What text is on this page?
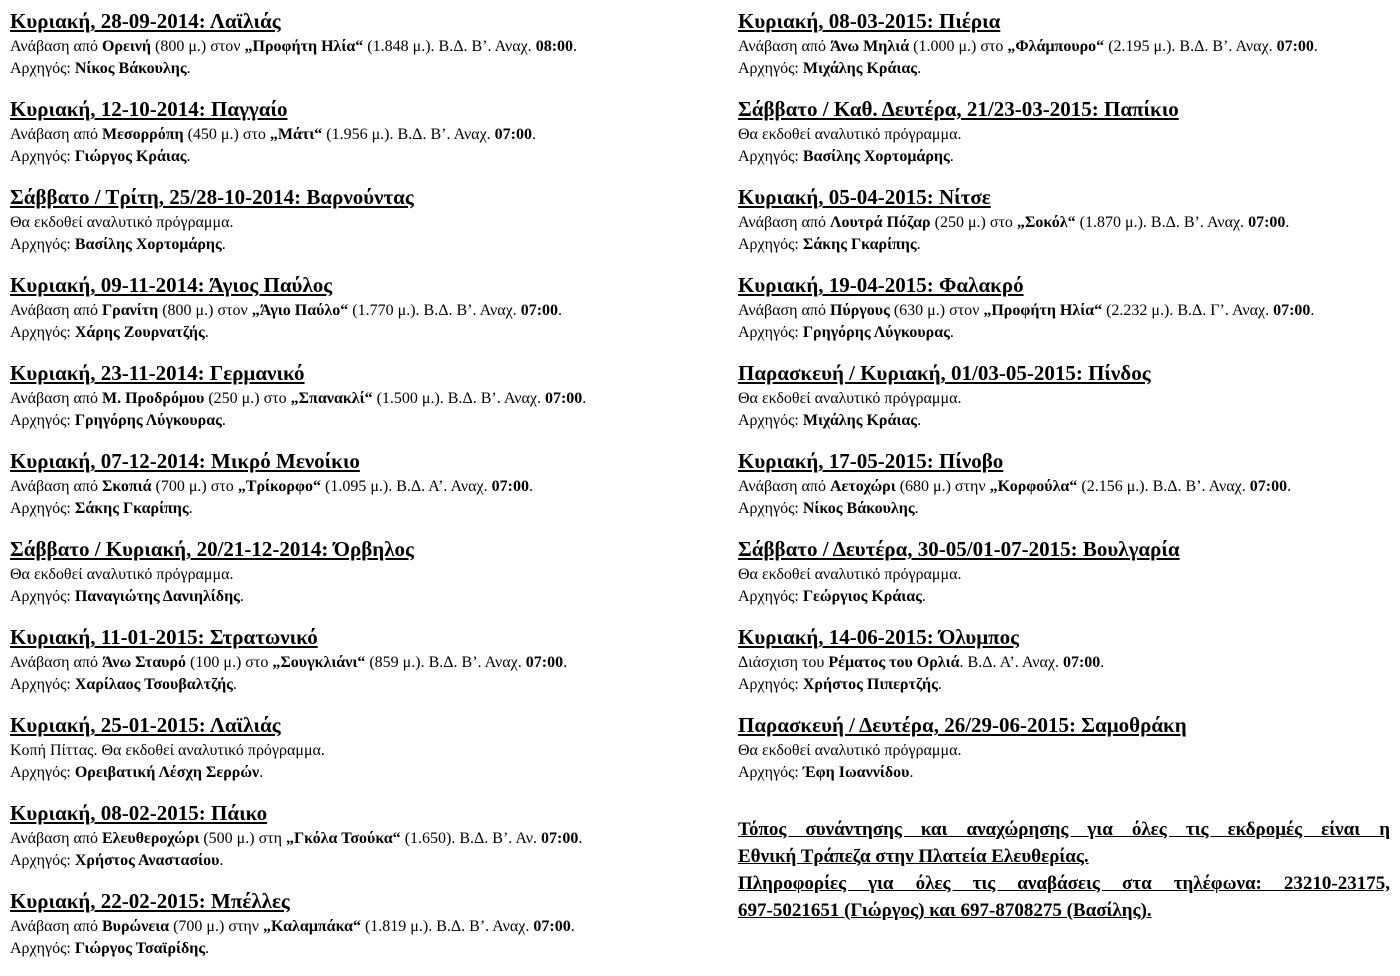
Κυριακή, 28-09-2014: Λαϊλιάς

Ανάβαση από Ορεινή (800 μ.) στον „Προφήτη Ηλία“ (1.848 μ.). Β.Δ. Β’. Αναχ. 08:00.

Αρχηγός: Νίκος Βάκουλης.

Κυριακή, 12-10-2014: Παγγαίο

Ανάβαση από Μεσορρόπη (450 μ.) στο „Μάτι“ (1.956 μ.). Β.Δ. Β’. Αναχ. 07:00.

Αρχηγός: Γιώργος Κράιας.

Σάββατο / Τρίτη, 25/28-10-2014: Βαρνούντας

Θα εκδοθεί αναλυτικό πρόγραμμα.

Αρχηγός: Βασίλης Χορτομάρης.

Κυριακή, 09-11-2014: Άγιος Παύλος

Ανάβαση από Γρανίτη (800 μ.) στον „Άγιο Παύλο“ (1.770 μ.). Β.Δ. Β’. Αναχ. 07:00.

Αρχηγός: Χάρης Ζουρνατζής.

Κυριακή, 23-11-2014: Γερμανικό

Ανάβαση από Μ. Προδρόμου (250 μ.) στο „Σπανακλί“ (1.500 μ.). Β.Δ. Β’. Αναχ. 07:00.

Αρχηγός: Γρηγόρης Λύγκουρας.

Κυριακή, 07-12-2014: Μικρό Μενοίκιο

Ανάβαση από Σκοπιά (700 μ.) στο „Τρίκορφο“ (1.095 μ.). Β.Δ. Α’. Αναχ. 07:00.

Αρχηγός: Σάκης Γκαρίπης.

Σάββατο / Κυριακή, 20/21-12-2014: Όρβηλος

Θα εκδοθεί αναλυτικό πρόγραμμα.

Αρχηγός: Παναγιώτης Δανιηλίδης.

Κυριακή, 11-01-2015: Στρατωνικό

Ανάβαση από Άνω Σταυρό (100 μ.) στο „Σουγκλιάνι“ (859 μ.). Β.Δ. Β’. Αναχ. 07:00.

Αρχηγός: Χαρίλαος Τσουβαλτζής.

Κυριακή, 25-01-2015: Λαϊλιάς

Κοπή Πίττας. Θα εκδοθεί αναλυτικό πρόγραμμα.

Αρχηγός: Ορειβατική Λέσχη Σερρών.

Κυριακή, 08-02-2015: Πάικο

Ανάβαση από Ελευθεροχώρι (500 μ.) στη „Γκόλα Τσούκα“ (1.650). Β.Δ. Β’. Αν. 07:00.

Αρχηγός: Χρήστος Αναστασίου.

Κυριακή, 22-02-2015: Μπέλλες

Ανάβαση από Βυρώνεια (700 μ.) στην „Καλαμπάκα“ (1.819 μ.). Β.Δ. Β’. Αναχ. 07:00.

Αρχηγός: Γιώργος Τσαϊρίδης.

Κυριακή, 08-03-2015: Πιέρια

Ανάβαση από Άνω Μηλιά (1.000 μ.) στο „Φλάμπουρο“ (2.195 μ.). Β.Δ. Β’. Αναχ. 07:00.

Αρχηγός: Μιχάλης Κράιας.

Σάββατο / Καθ. Δευτέρα, 21/23-03-2015: Παπίκιο

Θα εκδοθεί αναλυτικό πρόγραμμα.

Αρχηγός: Βασίλης Χορτομάρης.

Κυριακή, 05-04-2015: Νίτσε

Ανάβαση από Λουτρά Πόζαρ (250 μ.) στο „Σοκόλ“ (1.870 μ.). Β.Δ. Β’. Αναχ. 07:00.

Αρχηγός: Σάκης Γκαρίπης.

Κυριακή, 19-04-2015: Φαλακρό

Ανάβαση από Πύργους (630 μ.) στον „Προφήτη Ηλία“ (2.232 μ.). Β.Δ. Γ’. Αναχ. 07:00.

Αρχηγός: Γρηγόρης Λύγκουρας.

Παρασκευή / Κυριακή, 01/03-05-2015: Πίνδος

Θα εκδοθεί αναλυτικό πρόγραμμα.

Αρχηγός: Μιχάλης Κράιας.

Κυριακή, 17-05-2015: Πίνοβο

Ανάβαση από Αετοχώρι (680 μ.) στην „Κορφούλα“ (2.156 μ.). Β.Δ. Β’. Αναχ. 07:00.

Αρχηγός: Νίκος Βάκουλης.

Σάββατο / Δευτέρα, 30-05/01-07-2015: Βουλγαρία

Θα εκδοθεί αναλυτικό πρόγραμμα.

Αρχηγός: Γεώργιος Κράιας.

Κυριακή, 14-06-2015: Όλυμπος

Διάσχιση του Ρέματος του Ορλιά. Β.Δ. Α’. Αναχ. 07:00.

Αρχηγός: Χρήστος Πιπερτζής.

Παρασκευή / Δευτέρα, 26/29-06-2015: Σαμοθράκη

Θα εκδοθεί αναλυτικό πρόγραμμα.

Αρχηγός: Έφη Ιωαννίδου.

Τόπος συνάντησης και αναχώρησης για όλες τις εκδρομές είναι η

Εθνική Τράπεζα στην Πλατεία Ελευθερίας.

Πληροφορίες για όλες τις αναβάσεις στα τηλέφωνα: 23210-23175,

697-5021651 (Γιώργος) και 697-8708275 (Βασίλης).
